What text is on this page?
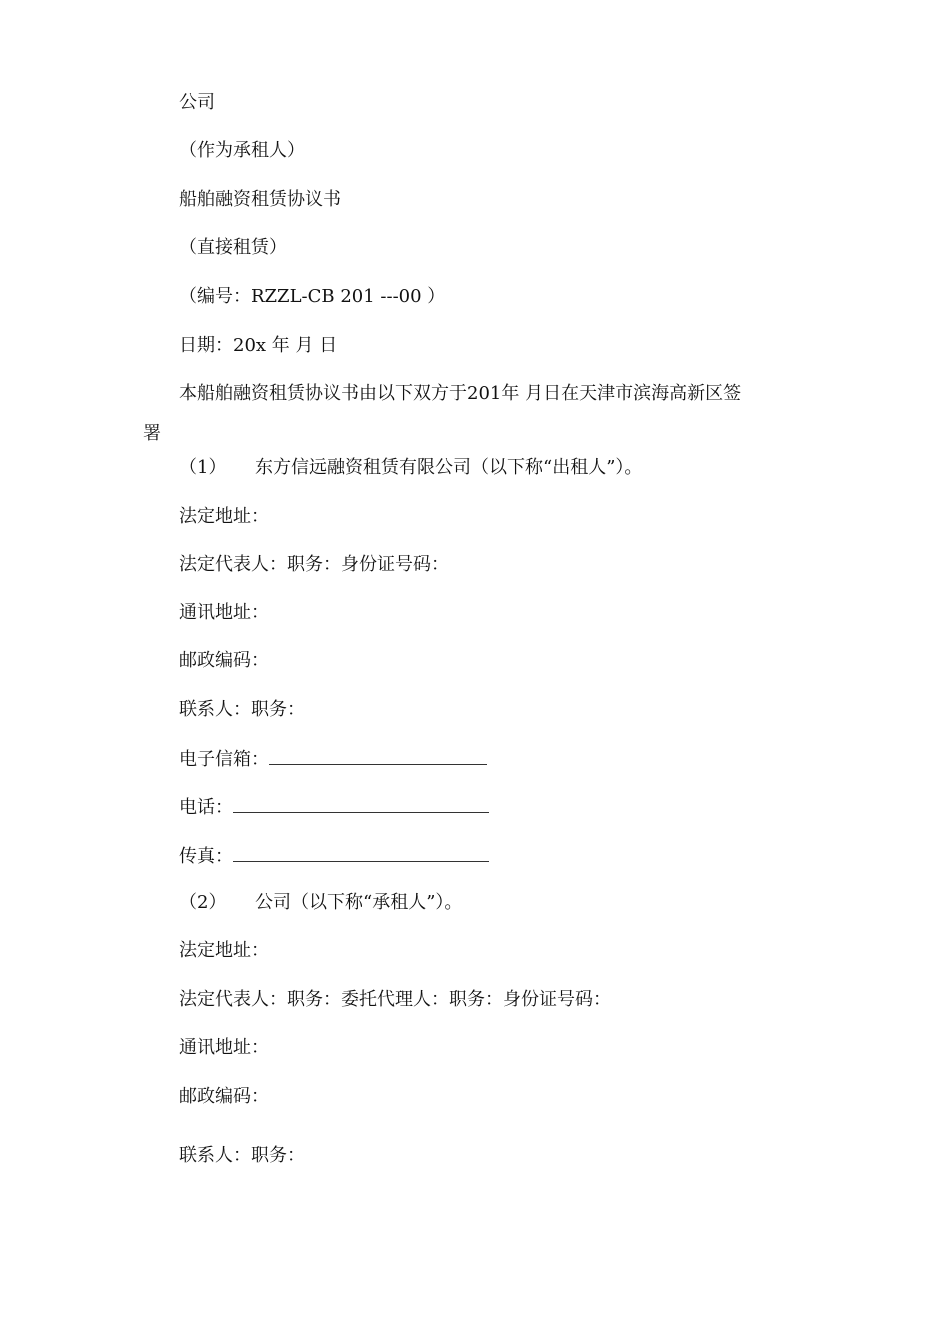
公司
（作为承租人）
船舶融资租赁协议书
（直接租赁）
（编号：RZZL-CB 201 ---00 ）
日期：20x 年 月 日
本船舶融资租赁协议书由以下双方于201年 月日在天津市滨海高新区签
署
（1） 东方信远融资租赁有限公司（以下称“出租人”）。
法定地址：
法定代表人：职务：身份证号码：
通讯地址：
邮政编码：
联系人：职务：
电子信箱：
电话：
传真：
（2） 公司（以下称“承租人”）。
法定地址：
法定代表人：职务：委托代理人：职务：身份证号码：
通讯地址：
邮政编码：
联系人：职务：
